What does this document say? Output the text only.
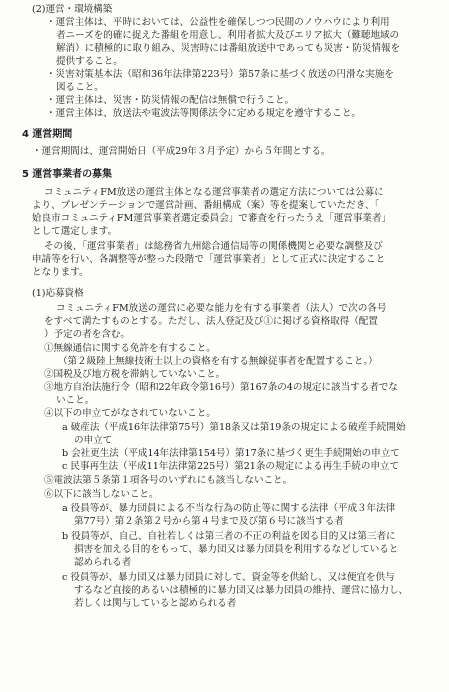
(2)運営・環境構築
・運営主体は、平時においては、公益性を確保しつつ民間のノウハウにより利用
者ニーズを的確に捉えた番組を用意し、利用者拡大及びエリア拡大（難聴地域の
解消）に積極的に取り組み、災害時には番組放送中であっても災害・防災情報を
提供すること。
・災害対策基本法（昭和36年法律第223号）第57条に基づく放送の円滑な実施を
図ること。
・運営主体は、災害・防災情報の配信は無償で行うこと。
・運営主体は、放送法や電波法等関係法令に定める規定を遵守すること。
4 運営期間
・運営期間は、運営開始日（平成29年３月予定）から５年間とする。
5 運営事業者の募集
コミュニティFM放送の運営主体となる運営事業者の選定方法については公募に
より、プレゼンテーションで運営計画、番組構成（案）等を提案していただき、「
姶良市コミュニティFM運営事業者選定委員会」で審査を行ったうえ「運営事業者」
として選定します。
その後、「運営事業者」は総務省九州総合通信局等の関係機関と必要な調整及び
申請等を行い、各調整等が整った段階で「運営事業者」として正式に決定すること
となります。
(1)応募資格
コミュニティFM放送の運営に必要な能力を有する事業者（法人）で次の各号
をすべて満たすものとする。ただし、法人登記及び①に掲げる資格取得（配置
）予定の者を含む。
①無線通信に関する免許を有すること。
（第２級陸上無線技術士以上の資格を有する無線従事者を配置すること。）
②国税及び地方税を滞納していないこと。
③地方自治法施行令（昭和22年政令第16号）第167条の4の規定に該当する者でな
いこと。
④以下の申立てがなされていないこと。
a 破産法（平成16年法律第75号）第18条又は第19条の規定による破産手続開始
の申立て
b 会社更生法（平成14年法律第154号）第17条に基づく更生手続開始の申立て
c 民事再生法（平成11年法律第225号）第21条の規定による再生手続の申立て
⑤電波法第５条第１項各号のいずれにも該当しないこと。
⑥以下に該当しないこと。
a 役員等が、暴力団員による不当な行為の防止等に関する法律（平成３年法律
第77号）第２条第２号から第４号まで及び第６号に該当する者
b 役員等が、自己、自社若しくは第三者の不正の利益を図る目的又は第三者に
損害を加える目的をもって、暴力団又は暴力団員を利用するなどしていると
認められる者
c 役員等が、暴力団又は暴力団員に対して、資金等を供給し、又は便宜を供与
するなど直接的あるいは積極的に暴力団又は暴力団員の維持、運営に協力し、
若しくは関与していると認められる者
